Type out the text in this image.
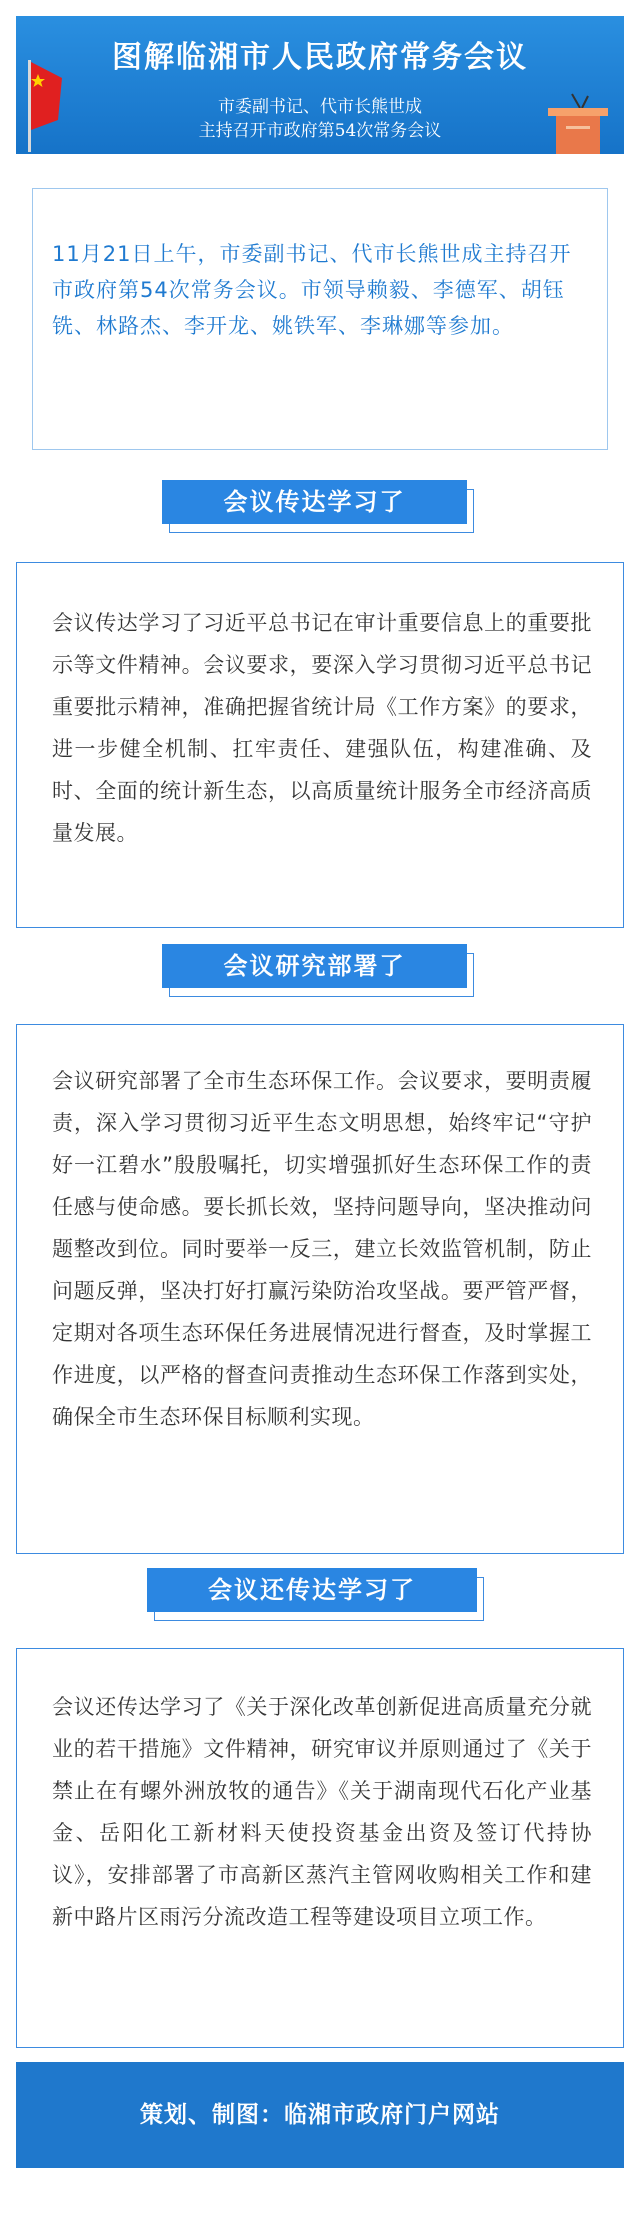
图解临湘市人民政府常务会议
市委副书记、代市长熊世成
主持召开市政府第54次常务会议
11月21日上午，市委副书记、代市长熊世成主持召开市政府第54次常务会议。市领导赖毅、李德军、胡钰铣、林路杰、李开龙、姚铁军、李琳娜等参加。
会议传达学习了
会议传达学习了习近平总书记在审计重要信息上的重要批示等文件精神。会议要求，要深入学习贯彻习近平总书记重要批示精神，准确把握省统计局《工作方案》的要求，进一步健全机制、扛牢责任、建强队伍，构建准确、及时、全面的统计新生态，以高质量统计服务全市经济高质量发展。
会议研究部署了
会议研究部署了全市生态环保工作。会议要求，要明责履责，深入学习贯彻习近平生态文明思想，始终牢记“守护好一江碧水”殷殷嘱托，切实增强抓好生态环保工作的责任感与使命感。要长抓长效，坚持问题导向，坚决推动问题整改到位。同时要举一反三，建立长效监管机制，防止问题反弹，坚决打好打赢污染防治攻坚战。要严管严督，定期对各项生态环保任务进展情况进行督查，及时掌握工作进度，以严格的督查问责推动生态环保工作落到实处，确保全市生态环保目标顺利实现。
会议还传达学习了
会议还传达学习了《关于深化改革创新促进高质量充分就业的若干措施》文件精神，研究审议并原则通过了《关于禁止在有螺外洲放牧的通告》《关于湖南现代石化产业基金、岳阳化工新材料天使投资基金出资及签订代持协议》，安排部署了市高新区蒸汽主管网收购相关工作和建新中路片区雨污分流改造工程等建设项目立项工作。
策划、制图：临湘市政府门户网站
